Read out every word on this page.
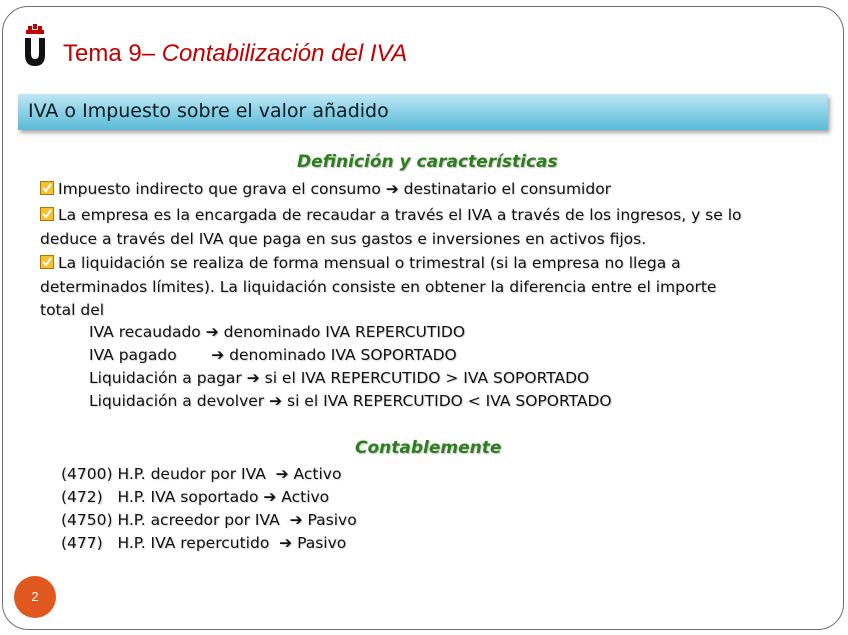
Tema 9– Contabilización del IVA
IVA o Impuesto sobre el valor añadido
Definición y características
Impuesto indirecto que grava el consumo ➔ destinatario el consumidor
La empresa es la encargada de recaudar a través el IVA a través de los ingresos, y se lo
deduce a través del IVA que paga en sus gastos e inversiones en activos fijos.
La liquidación se realiza de forma mensual o trimestral (si la empresa no llega a
determinados límites). La liquidación consiste en obtener la diferencia entre el importe
total del
IVA recaudado ➔ denominado IVA REPERCUTIDO
IVA pagado       ➔ denominado IVA SOPORTADO
Liquidación a pagar ➔ si el IVA REPERCUTIDO > IVA SOPORTADO
Liquidación a devolver ➔ si el IVA REPERCUTIDO < IVA SOPORTADO
Contablemente
(4700) H.P. deudor por IVA  ➔ Activo
(472)   H.P. IVA soportado ➔ Activo
(4750) H.P. acreedor por IVA  ➔ Pasivo
(477)   H.P. IVA repercutido  ➔ Pasivo
2
